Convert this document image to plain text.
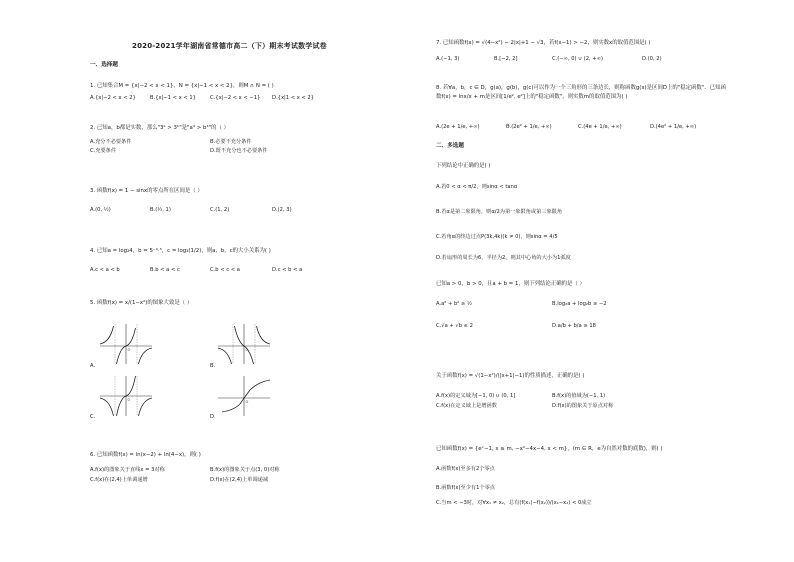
2020-2021学年湖南省常德市高二（下）期末考试数学试卷
一、选择题
1. 已知集合M = {x|−2 < x < 1}，N = {x|−1 < x < 2}，则M ∩ N = ( )
A.{x|−2 < x < 2}	B.{x|−1 < x < 1}	C.{x|−2 < x < −1} D.{x|1 < x < 2}
2. 已知a，b都是实数，那么"3ᵃ > 3ᵇ"是"a³ > b³"的（ ）
A.充分不必要条件	B.必要不充分条件
C.充要条件	D.既不充分也不必要条件
3. 函数f(x) = 1 − sinx的零点所在区间是（ ）
A.(0, ½)	B.(½, 1)	C.(1, 2)	D.(2, 3)
4. 已知a = log₂4，b = 5⁻⁰·⁵，c = log₃(1/2)，则a，b，c的大小关系为( )
A.c < a < b	B.b < a < c	C.b < c < a	D.c < b < a
5. 函数f(x) = x/(1−x²)的图象大致是（ ）
O
A.
O
B.
O
C.
O
D.
6. 已知函数f(x) = ln(x−2) + ln(4−x)，则( )
A.f(x)的图象关于直线x = 3对称	B.f(x)的图象关于点(3, 0)对称
C.f(x)在(2,4)上单调递增	D.f(x)在(2,4)上单调递减
7. 已知函数f(x) = √(4−x²) − 2|x|+1 − √3，若f(x−1) > −2，则实数x的取值范围是( )
A.(−1, 3)	B.[−2, 2]	C.(−∞, 0) ∪ (2, +∞)	D.(0, 2)
8. 若∀a，b，c ∈ D，g(a)，g(b)，g(c)可以作为一个三角形的三条边长，则称函数g(x)是区间D上的"稳定函数"．已知函数f(x) = lnx/x + m是区间[1/e², e²]上的"稳定函数"，则实数m的取值范围为( )
A.(2e + 1/e, +∞)	B.(2e² + 1/e, +∞)	C.(4e + 1/e, +∞)	D.(4e² + 1/e, +∞)
二、多选题
下列结论中正确的是( )
A.若0 < α < π/2，则sinα < tanα
B.若α是第二象限角，则α/2为第一象限角或第三象限角
C.若角α的终边过点P(3k,4k)(k ≠ 0)，则sinα = 4/5
D.若扇形的周长为6，半径为2，则其中心角的大小为1弧度
已知a > 0，b > 0，且a + b = 1，则下列结论正确的是（ ）
A.a² + b² ≥ ½	B.log₂a + log₂b ≥ −2
C.√a + √b ≤ 2	D.a/b + b/a ≥ 18
关于函数f(x) = √(1−x²)/(|x+1|−1)的性质描述，正确的是( )
A.f(x)的定义域为[−1, 0) ∪ (0, 1]	B.f(x)的值域为(−1, 1)
C.f(x)在定义域上是增函数	D.f(x)的图象关于原点对称
已知函数f(x) = {eˣ−1, x ≥ m, −x²−4x−4, x < m}，(m ∈ R，e为自然对数的底数)，则( )
A.函数f(x)至多有2个零点
B.函数f(x)至少有1个零点
C.当m < −3时，对∀x₁ ≠ x₂，总有(f(x₁)−f(x₂))/(x₁−x₂) < 0成立
